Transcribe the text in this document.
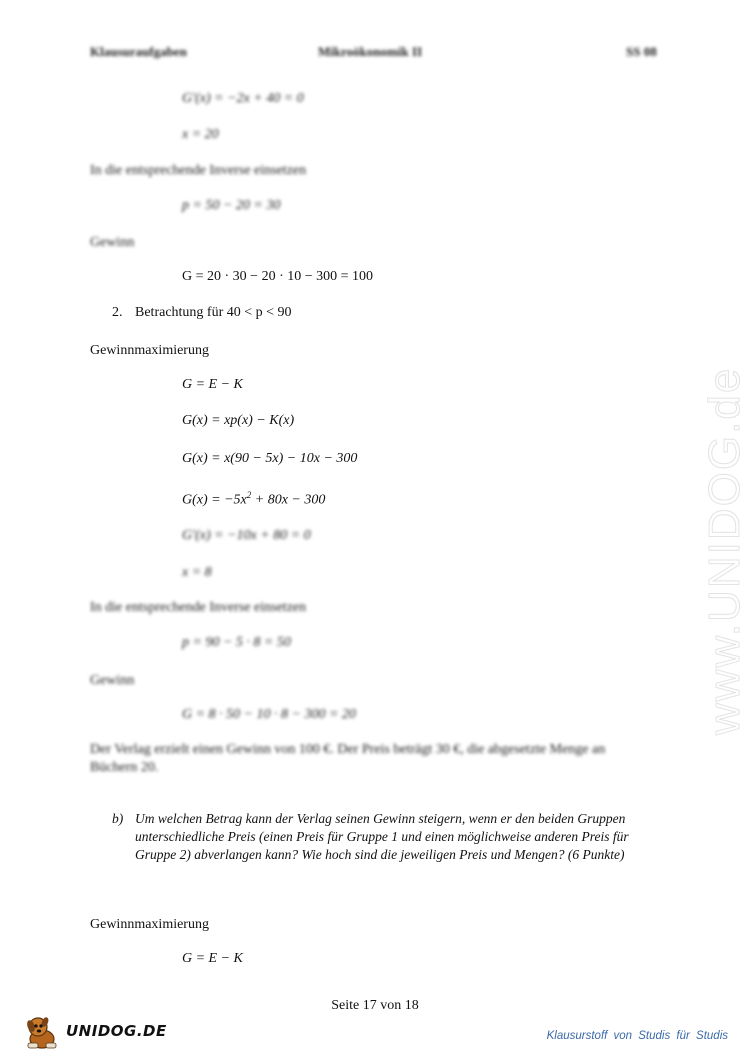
Klausuraufgaben	Mikroökonomik II	SS 08
G'(x) = −2x + 40 = 0
x = 20
In die entsprechende Inverse einsetzen
p = 50 − 20 = 30
Gewinn
G = 20 · 30 − 20 · 10 − 300 = 100
2. Betrachtung für 40 < p < 90
Gewinnmaximierung
G = E − K
G(x) = xp(x) − K(x)
G(x) = x(90 − 5x) − 10x − 300
$G(x) = -5x^2 + 80x - 300$
G'(x) = −10x + 80 = 0
x = 8
In die entsprechende Inverse einsetzen
p = 90 − 5 · 8 = 50
Gewinn
G = 8 · 50 − 10 · 8 − 300 = 20
Der Verlag erzielt einen Gewinn von 100 €. Der Preis beträgt 30 €, die abgesetzte Menge an
Büchern 20.
b) Um welchen Betrag kann der Verlag seinen Gewinn steigern, wenn er den beiden Gruppen unterschiedliche Preis (einen Preis für Gruppe 1 und einen möglichweise anderen Preis für Gruppe 2) abverlangen kann? Wie hoch sind die jeweiligen Preis und Mengen? (6 Punkte)
Gewinnmaximierung
G = E − K
www.UNIDOG.de
Seite 17 von 18
UNIDOG.DE	Klausurstoff von Studis für Studis
